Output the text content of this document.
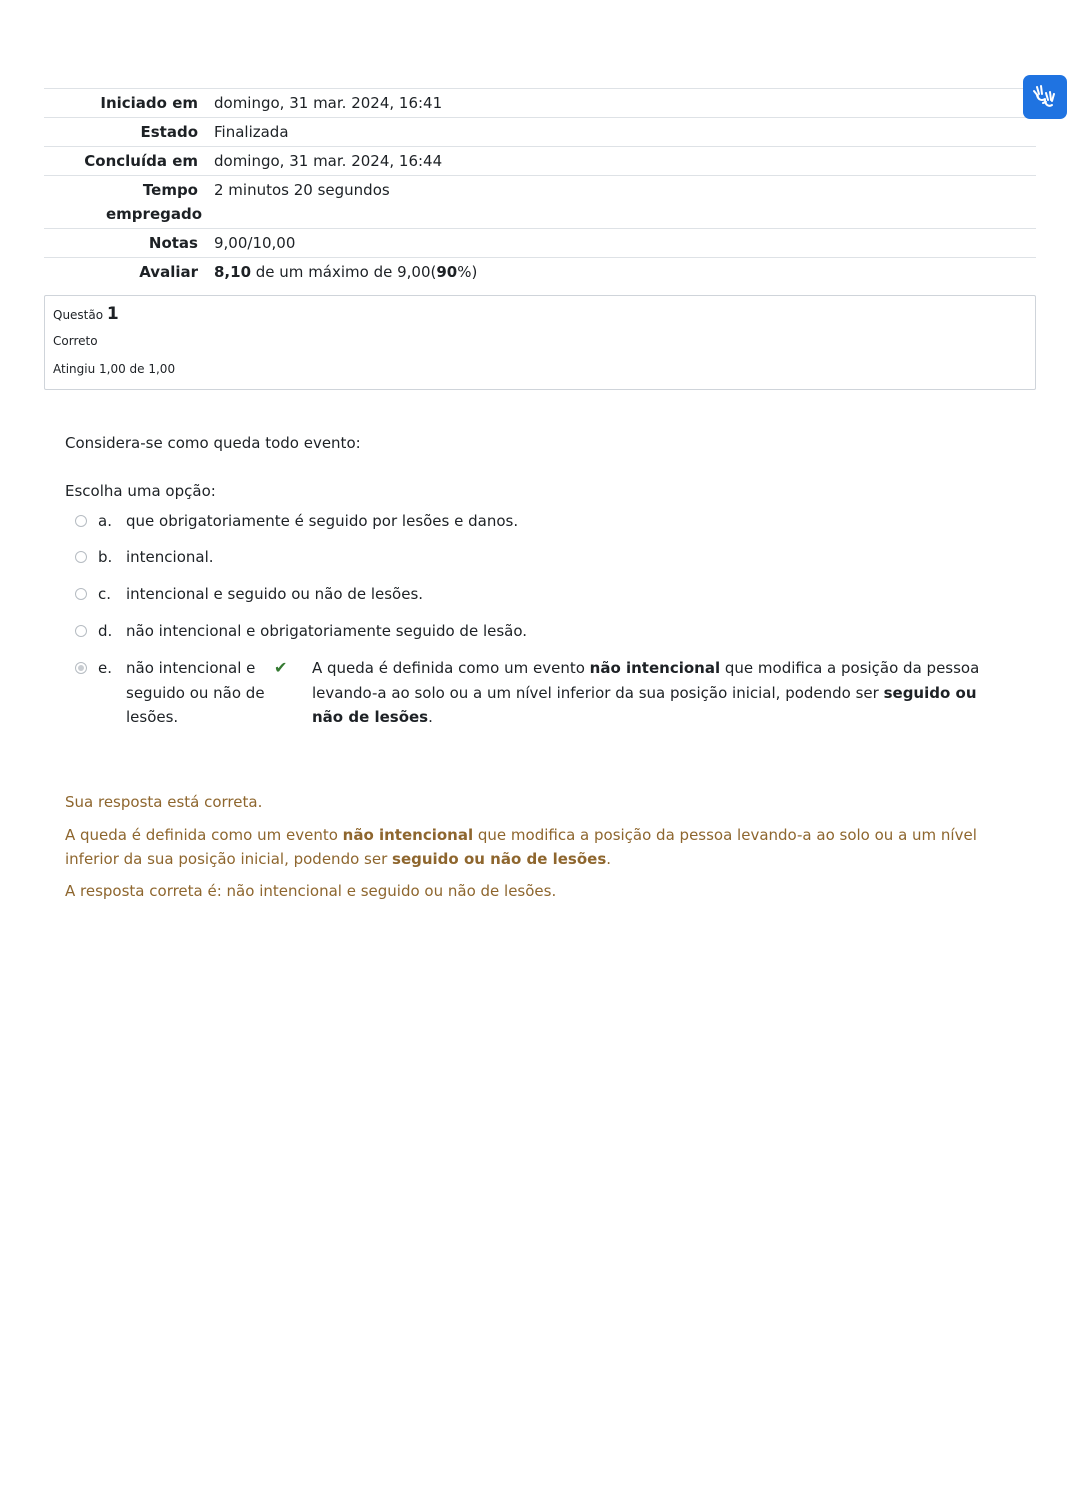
Iniciado em	domingo, 31 mar. 2024, 16:41
Estado	Finalizada
Concluída em	domingo, 31 mar. 2024, 16:44
Tempo empregado	2 minutos 20 segundos
Notas	9,00/10,00
Avaliar	8,10 de um máximo de 9,00(90%)
Questão 1
Correto
Atingiu 1,00 de 1,00
Considera-se como queda todo evento:
Escolha uma opção:
a. que obrigatoriamente é seguido por lesões e danos.
b. intencional.
c. intencional e seguido ou não de lesões.
d. não intencional e obrigatoriamente seguido de lesão.
e. não intencional e seguido ou não de lesões.
✔ A queda é definida como um evento não intencional que modifica a posição da pessoa levando-a ao solo ou a um nível inferior da sua posição inicial, podendo ser seguido ou não de lesões.
Sua resposta está correta.
A queda é definida como um evento não intencional que modifica a posição da pessoa levando-a ao solo ou a um nível inferior da sua posição inicial, podendo ser seguido ou não de lesões.
A resposta correta é: não intencional e seguido ou não de lesões.
